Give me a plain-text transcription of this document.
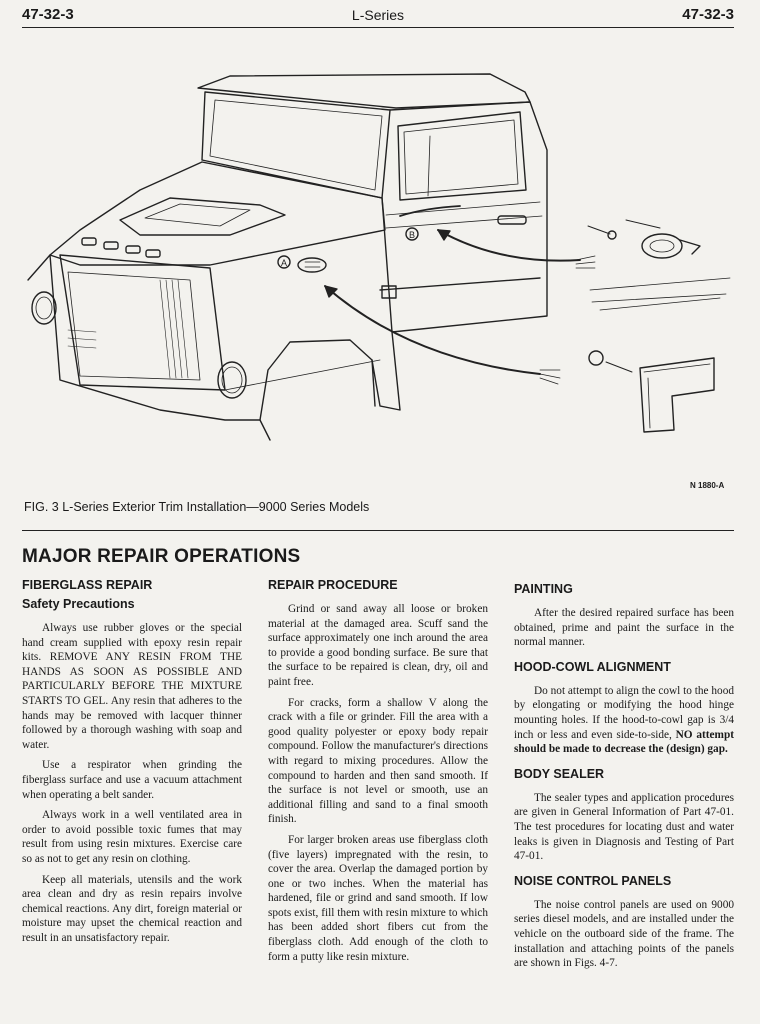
47-32-3	L-Series	47-32-3
A
B
N 1880-A
FIG. 3 L-Series Exterior Trim Installation—9000 Series Models
MAJOR REPAIR OPERATIONS
FIBERGLASS REPAIR
Safety Precautions

Always use rubber gloves or the special hand cream supplied with epoxy resin repair kits. REMOVE ANY RESIN FROM THE HANDS AS SOON AS POSSIBLE AND PARTICULARLY BEFORE THE MIXTURE STARTS TO GEL. Any resin that adheres to the hands may be removed with lacquer thinner followed by a thorough washing with soap and water.

Use a respirator when grinding the fiberglass surface and use a vacuum attachment when operating a belt sander.

Always work in a well ventilated area in order to avoid possible toxic fumes that may result from using resin mixtures. Exercise care so as not to get any resin on clothing.

Keep all materials, utensils and the work area clean and dry as resin repairs involve chemical reactions. Any dirt, foreign material or moisture may upset the chemical reaction and result in an unsatisfactory repair.

REPAIR PROCEDURE

Grind or sand away all loose or broken material at the damaged area. Scuff sand the surface approximately one inch around the area to provide a good bonding surface. Be sure that the surface to be repaired is clean, dry, oil and paint free.

For cracks, form a shallow V along the crack with a file or grinder. Fill the area with a good quality polyester or epoxy body repair compound. Follow the manufacturer's directions with regard to mixing procedures. Allow the compound to harden and then sand smooth. If the surface is not level or smooth, use an additional filling and sand to a final smooth finish.

For larger broken areas use fiberglass cloth (five layers) impregnated with the resin, to cover the area. Overlap the damaged portion by one or two inches. When the material has hardened, file or grind and sand smooth. If low spots exist, fill them with resin mixture to which has been added short fibers cut from the fiberglass cloth. Add enough of the cloth to form a putty like resin mixture.

PAINTING

After the desired repaired surface has been obtained, prime and paint the surface in the normal manner.

HOOD-COWL ALIGNMENT

Do not attempt to align the cowl to the hood by elongating or modifying the hood hinge mounting holes. If the hood-to-cowl gap is 3/4 inch or less and even side-to-side, NO attempt should be made to decrease the (design) gap.

BODY SEALER

The sealer types and application procedures are given in General Information of Part 47-01. The test procedures for locating dust and water leaks is given in Diagnosis and Testing of Part 47-01.

NOISE CONTROL PANELS

The noise control panels are used on 9000 series diesel models, and are installed under the vehicle on the outboard side of the frame. The installation and attaching points of the panels are shown in Figs. 4-7.
